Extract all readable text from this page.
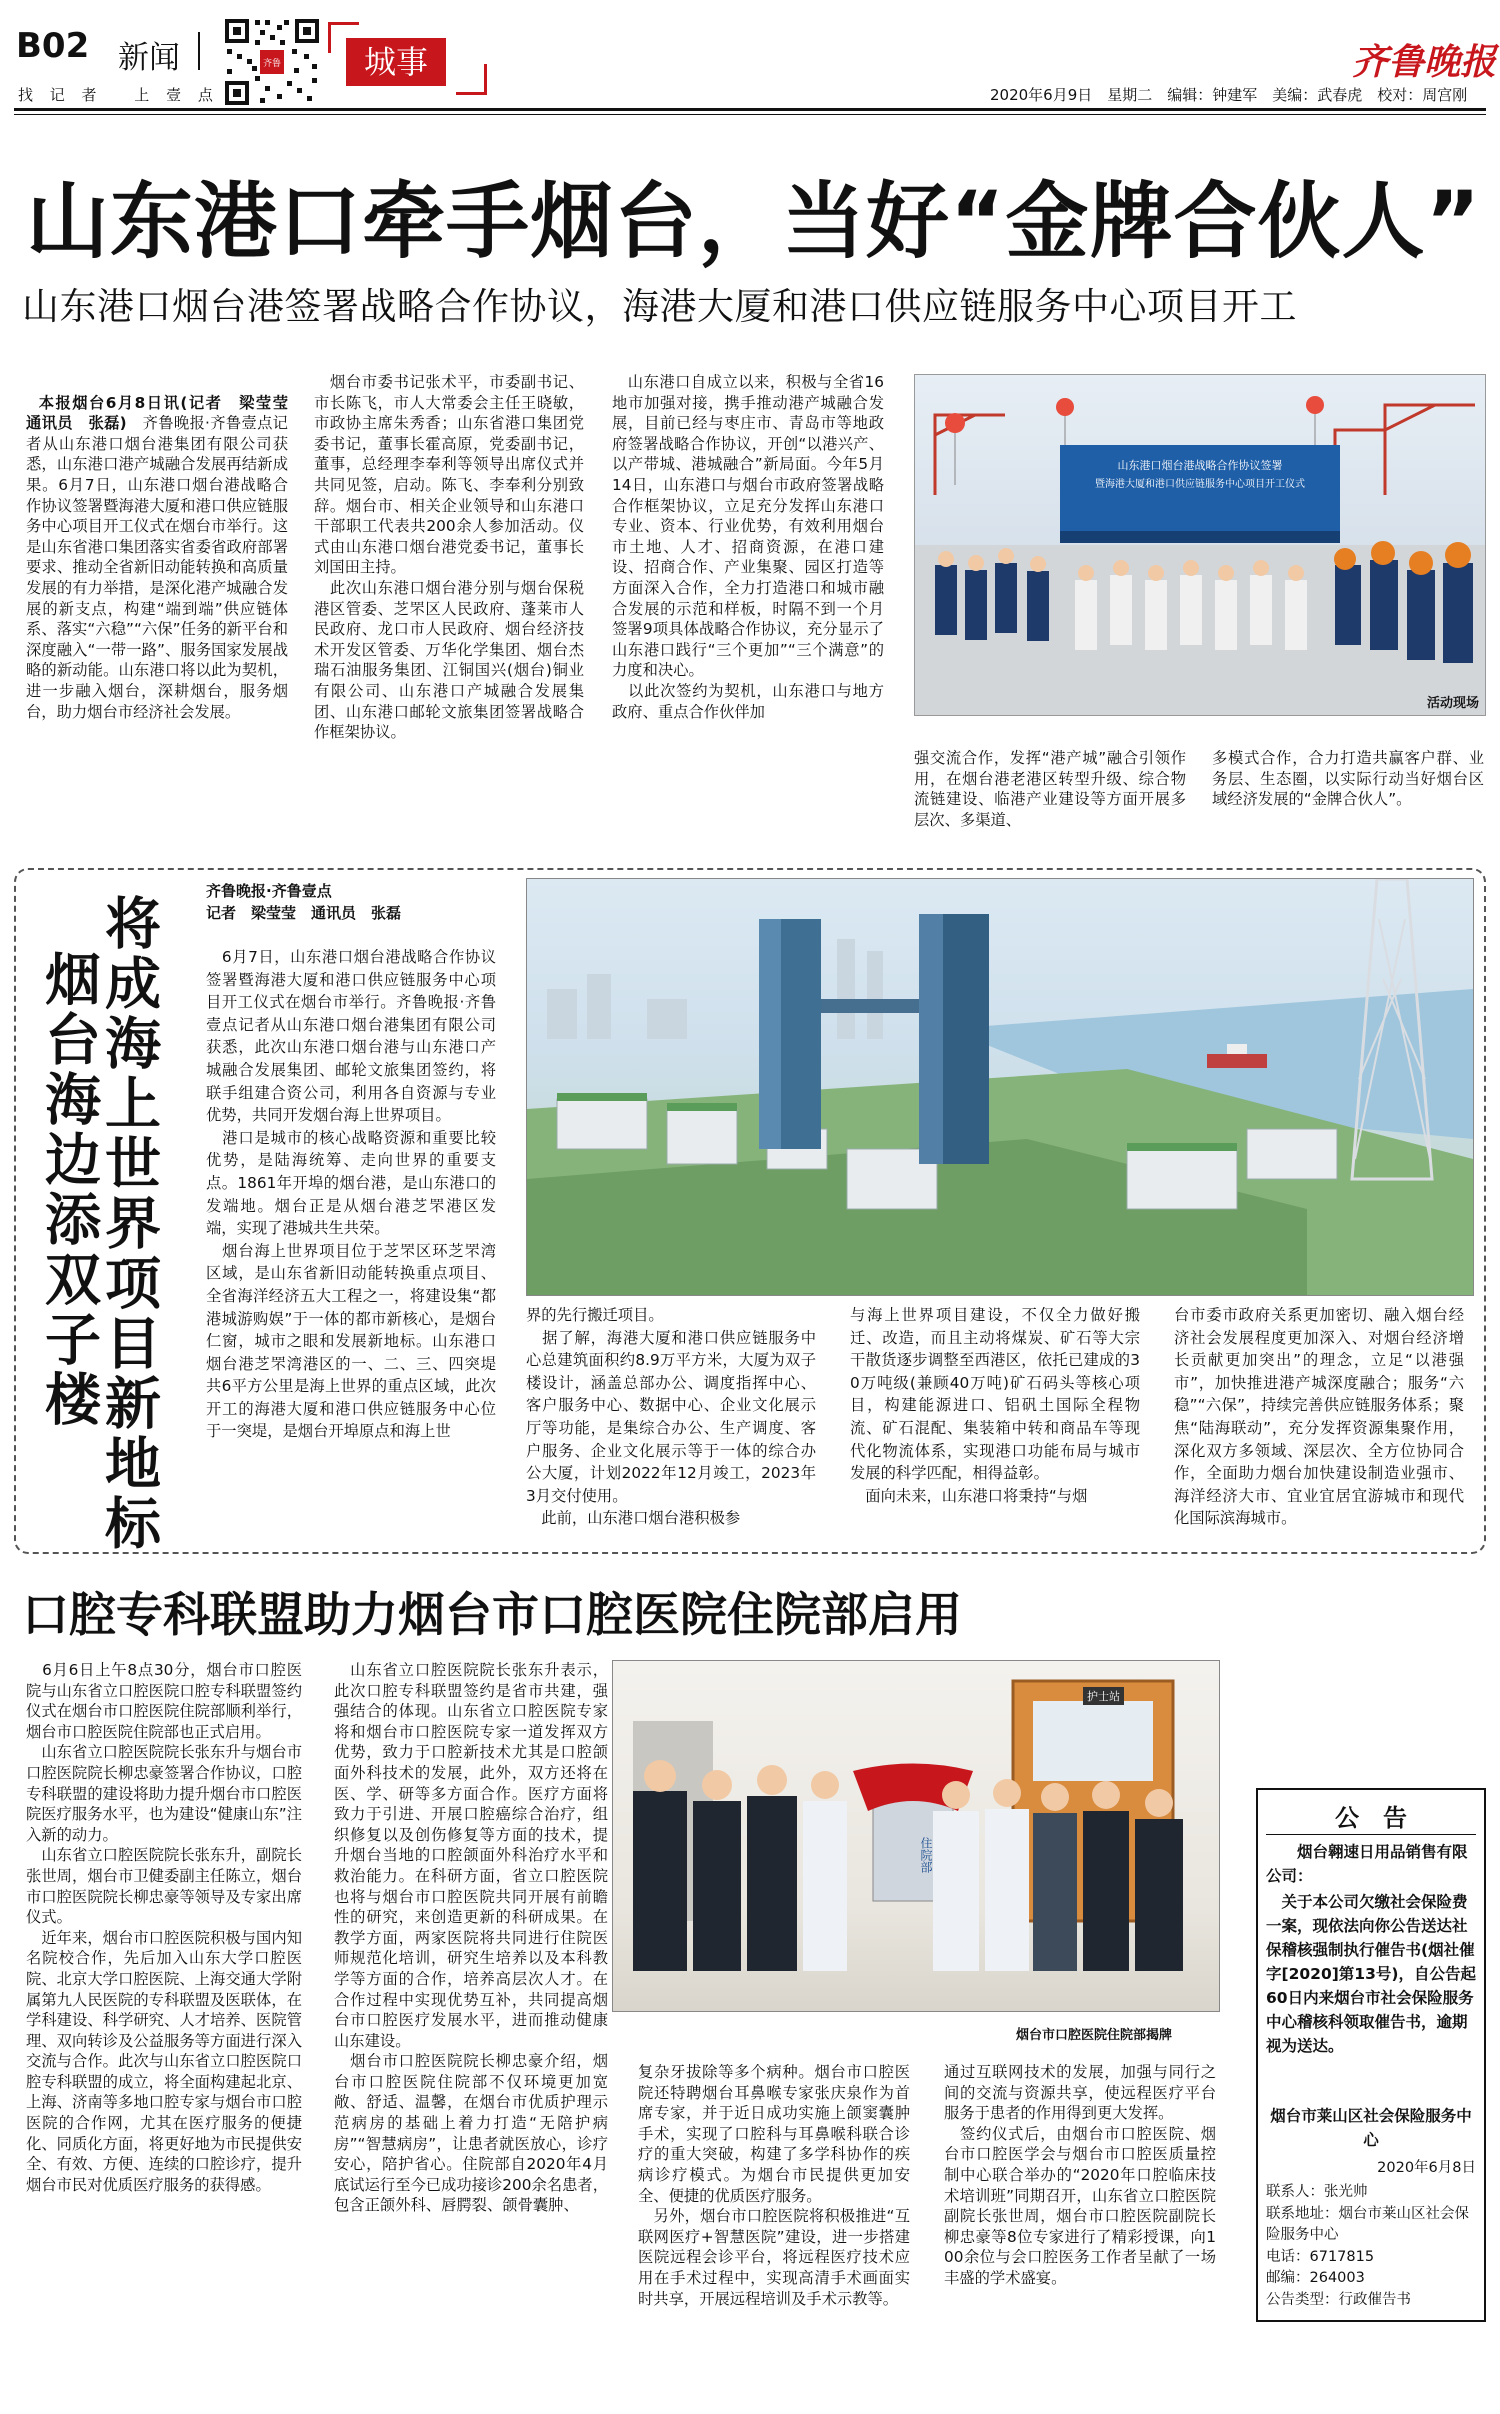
B02 新闻
找 记 者　 上 壹 点
齐鲁	城事	齐鲁晚报
2020年6月9日　星期二　编辑：钟建军　美编：武春虎　校对：周宫刚
山东港口牵手烟台，当好“金牌合伙人”
山东港口烟台港签署战略合作协议，海港大厦和港口供应链服务中心项目开工

本报烟台6月8日讯(记者　梁莹莹　通讯员　张磊)　齐鲁晚报·齐鲁壹点记者从山东港口烟台港集团有限公司获悉，山东港口港产城融合发展再结新成果。6月7日，山东港口烟台港战略合作协议签署暨海港大厦和港口供应链服务中心项目开工仪式在烟台市举行。这是山东省港口集团落实省委省政府部署要求、推动全省新旧动能转换和高质量发展的有力举措，是深化港产城融合发展的新支点，构建“端到端”供应链体系、落实“六稳”“六保”任务的新平台和深度融入“一带一路”、服务国家发展战略的新动能。山东港口将以此为契机，进一步融入烟台，深耕烟台，服务烟台，助力烟台市经济社会发展。

　烟台市委书记张术平，市委副书记、市长陈飞，市人大常委会主任王晓敏，市政协主席朱秀香；山东省港口集团党委书记，董事长霍高原，党委副书记，董事，总经理李奉利等领导出席仪式并共同见签，启动。陈飞、李奉利分别致辞。烟台市、相关企业领导和山东港口干部职工代表共200余人参加活动。仪式由山东港口烟台港党委书记，董事长刘国田主持。
　此次山东港口烟台港分别与烟台保税港区管委、芝罘区人民政府、蓬莱市人民政府、龙口市人民政府、烟台经济技术开发区管委、万华化学集团、烟台杰瑞石油服务集团、江铜国兴(烟台)铜业有限公司、山东港口产城融合发展集团、山东港口邮轮文旅集团签署战略合作框架协议。
　山东港口自成立以来，积极与全省16地市加强对接，携手推动港产城融合发展，目前已经与枣庄市、青岛市等地政府签署战略合作协议，开创“以港兴产、以产带城、港城融合”新局面。今年5月14日，山东港口与烟台市政府签署战略合作框架协议，立足充分发挥山东港口专业、资本、行业优势，有效利用烟台市土地、人才、招商资源，在港口建设、招商合作、产业集聚、园区打造等方面深入合作，全力打造港口和城市融合发展的示范和样板，时隔不到一个月签署9项具体战略合作协议，充分显示了山东港口践行“三个更加”“三个满意”的力度和决心。
　以此次签约为契机，山东港口与地方政府、重点合作伙伴加
山东港口烟台港战略合作协议签署
暨海港大厦和港口供应链服务中心项目开工仪式
活动现场
强交流合作，发挥“港产城”融合引领作用，在烟台港老港区转型升级、综合物流链建设、临港产业建设等方面开展多层次、多渠道、
多模式合作，合力打造共赢客户群、业务层、生态圈，以实际行动当好烟台区域经济发展的“金牌合伙人”。
将成海上世界项目新地标
烟台海边添双子楼
齐鲁晚报·齐鲁壹点
记者　梁莹莹　通讯员　张磊
　6月7日，山东港口烟台港战略合作协议签署暨海港大厦和港口供应链服务中心项目开工仪式在烟台市举行。齐鲁晚报·齐鲁壹点记者从山东港口烟台港集团有限公司获悉，此次山东港口烟台港与山东港口产城融合发展集团、邮轮文旅集团签约，将联手组建合资公司，利用各自资源与专业优势，共同开发烟台海上世界项目。
　港口是城市的核心战略资源和重要比较优势，是陆海统筹、走向世界的重要支点。1861年开埠的烟台港，是山东港口的发端地。烟台正是从烟台港芝罘港区发端，实现了港城共生共荣。
　烟台海上世界项目位于芝罘区环芝罘湾区域，是山东省新旧动能转换重点项目、全省海洋经济五大工程之一，将建设集“都港城游购娱”于一体的都市新核心，是烟台仁窗，城市之眼和发展新地标。山东港口烟台港芝罘湾港区的一、二、三、四突堤共6平方公里是海上世界的重点区域，此次开工的海港大厦和港口供应链服务中心位于一突堤，是烟台开埠原点和海上世
界的先行搬迁项目。
　据了解，海港大厦和港口供应链服务中心总建筑面积约8.9万平方米，大厦为双子楼设计，涵盖总部办公、调度指挥中心、客户服务中心、数据中心、企业文化展示厅等功能，是集综合办公、生产调度、客户服务、企业文化展示等于一体的综合办公大厦，计划2022年12月竣工，2023年3月交付使用。
　此前，山东港口烟台港积极参
与海上世界项目建设，不仅全力做好搬迁、改造，而且主动将煤炭、矿石等大宗干散货逐步调整至西港区，依托已建成的30万吨级(兼顾40万吨)矿石码头等核心项目，构建能源进口、铝矾土国际全程物流、矿石混配、集装箱中转和商品车等现代化物流体系，实现港口功能布局与城市发展的科学匹配，相得益彰。
　面向未来，山东港口将秉持“与烟
台市委市政府关系更加密切、融入烟台经济社会发展程度更加深入、对烟台经济增长贡献更加突出”的理念，立足“以港强市”，加快推进港产城深度融合；服务“六稳”“六保”，持续完善供应链服务体系；聚焦“陆海联动”，充分发挥资源集聚作用，深化双方多领域、深层次、全方位协同合作，全面助力烟台加快建设制造业强市、海洋经济大市、宜业宜居宜游城市和现代化国际滨海城市。
口腔专科联盟助力烟台市口腔医院住院部启用
　6月6日上午8点30分，烟台市口腔医院与山东省立口腔医院口腔专科联盟签约仪式在烟台市口腔医院住院部顺利举行，烟台市口腔医院住院部也正式启用。
　山东省立口腔医院院长张东升与烟台市口腔医院院长柳忠豪签署合作协议，口腔专科联盟的建设将助力提升烟台市口腔医院医疗服务水平，也为建设“健康山东”注入新的动力。
　山东省立口腔医院院长张东升，副院长张世周，烟台市卫健委副主任陈立，烟台市口腔医院院长柳忠豪等领导及专家出席仪式。
　近年来，烟台市口腔医院积极与国内知名院校合作，先后加入山东大学口腔医院、北京大学口腔医院、上海交通大学附属第九人民医院的专科联盟及医联体，在学科建设、科学研究、人才培养、医院管理、双向转诊及公益服务等方面进行深入交流与合作。此次与山东省立口腔医院口腔专科联盟的成立，将全面构建起北京、上海、济南等多地口腔专家与烟台市口腔医院的合作网，尤其在医疗服务的便捷化、同质化方面，将更好地为市民提供安全、有效、方便、连续的口腔诊疗，提升烟台市民对优质医疗服务的获得感。
　山东省立口腔医院院长张东升表示，此次口腔专科联盟签约是省市共建，强强结合的体现。山东省立口腔医院专家将和烟台市口腔医院专家一道发挥双方优势，致力于口腔新技术尤其是口腔颌面外科技术的发展，此外，双方还将在医、学、研等多方面合作。医疗方面将致力于引进、开展口腔癌综合治疗，组织修复以及创伤修复等方面的技术，提升烟台当地的口腔颌面外科治疗水平和救治能力。在科研方面，省立口腔医院也将与烟台市口腔医院共同开展有前瞻性的研究，来创造更新的科研成果。在教学方面，两家医院将共同进行住院医师规范化培训，研究生培养以及本科教学等方面的合作，培养高层次人才。在合作过程中实现优势互补，共同提高烟台市口腔医疗发展水平，进而推动健康山东建设。
　烟台市口腔医院院长柳忠豪介绍，烟台市口腔医院住院部不仅环境更加宽敞、舒适、温馨，在烟台市优质护理示范病房的基础上着力打造“无陪护病房”“智慧病房”，让患者就医放心，诊疗安心，陪护省心。住院部自2020年4月底试运行至今已成功接诊200余名患者，包含正颌外科、唇腭裂、颌骨囊肿、
护士站
住院部
烟台市口腔医院住院部揭牌
复杂牙拔除等多个病种。烟台市口腔医院还特聘烟台耳鼻喉专家张庆泉作为首席专家，并于近日成功实施上颌窦囊肿手术，实现了口腔科与耳鼻喉科联合诊疗的重大突破，构建了多学科协作的疾病诊疗模式。为烟台市民提供更加安全、便捷的优质医疗服务。
　另外，烟台市口腔医院将积极推进“互联网医疗+智慧医院”建设，进一步搭建医院远程会诊平台，将远程医疗技术应用在手术过程中，实现高清手术画面实时共享，开展远程培训及手术示教等。
通过互联网技术的发展，加强与同行之间的交流与资源共享，使远程医疗平台服务于患者的作用得到更大发挥。
　签约仪式后，由烟台市口腔医院、烟台市口腔医学会与烟台市口腔医质量控制中心联合举办的“2020年口腔临床技术培训班”同期召开，山东省立口腔医院副院长张世周，烟台市口腔医院副院长柳忠豪等8位专家进行了精彩授课，向100余位与会口腔医务工作者呈献了一场丰盛的学术盛宴。
公　告
烟台翱速日用品销售有限公司：
　关于本公司欠缴社会保险费一案，现依法向你公告送达社保稽核强制执行催告书(烟社催字[2020]第13号)，自公告起60日内来烟台市社会保险服务中心稽核科领取催告书，逾期视为送达。
烟台市莱山区社会保险服务中心
2020年6月8日
联系人：张光帅
联系地址：烟台市莱山区社会保险服务中心
电话：6717815
邮编：264003
公告类型：行政催告书
